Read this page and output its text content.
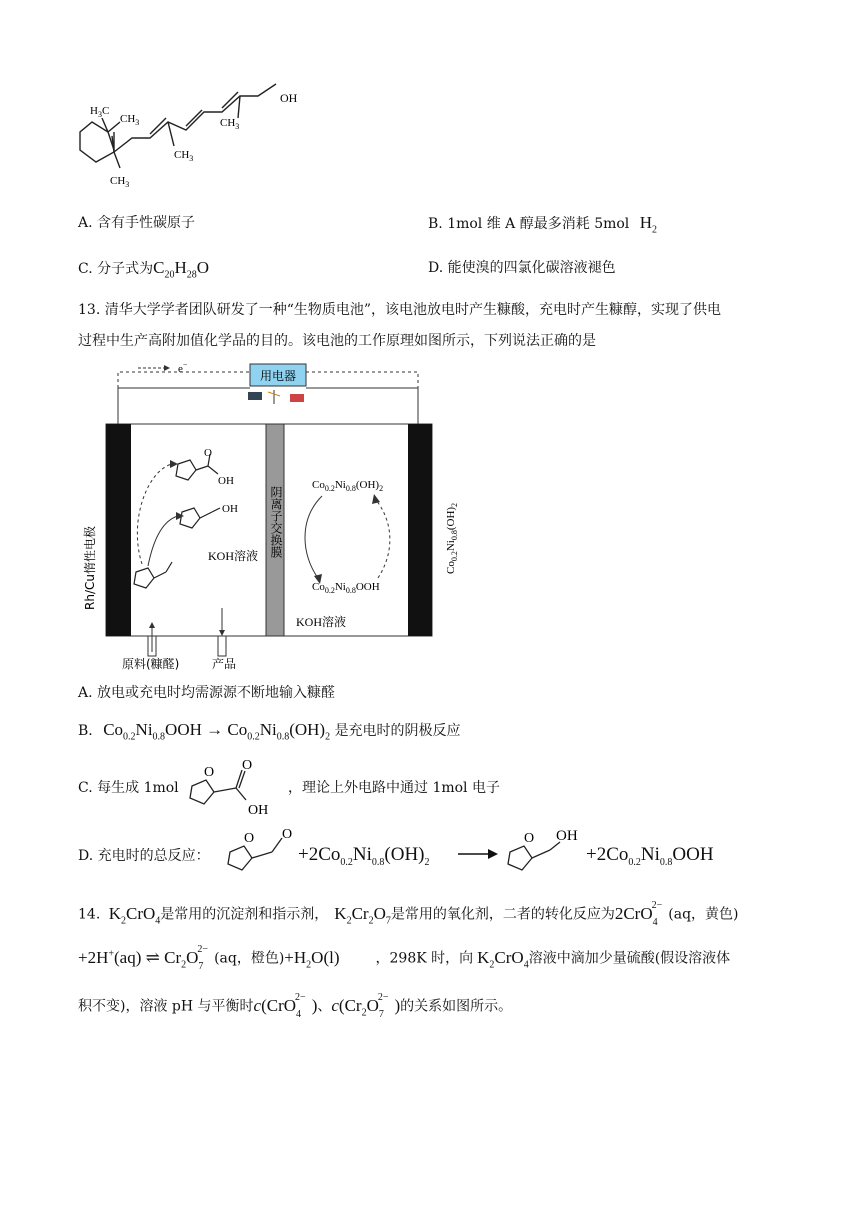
OH
$CH_3$
$CH_3$
$CH_3$
$H_3C$
$CH_3$
A. 含有手性碳原子	B. 1mol 维 A 醇最多消耗 5mol $H_2$
C. 分子式为$C_{20}H_{28}O$	D. 能使溴的四氯化碳溶液褪色
13. 清华大学学者团队研发了一种“生物质电池”，该电池放电时产生糠酸，充电时产生糠醇，实现了供电
过程中生产高附加值化学品的目的。该电池的工作原理如图所示，下列说法正确的是
e−
用电器
阴离子交换膜
Rh/Cu惰性电极	$Co_{0.2}Ni_{0.8}(OH)_2$
O
OH
OH
KOH溶液
$Co_{0.2}Ni_{0.8}(OH)_2$
$Co_{0.2}Ni_{0.8}OOH$
KOH溶液
原料(糠醛)	产品
A. 放电或充电时均需源源不断地输入糠醛
B. $Co_{0.2}Ni_{0.8}OOH \to Co_{0.2}Ni_{0.8}(OH)_2$ 是充电时的阴极反应
C. 每生成 1mol
O O
OH
，理论上外电路中通过 1mol 电子
D. 充电时的总反应：
O O
$+2Co_{0.2}Ni_{0.8}(OH)_2$
O OH
$+2Co_{0.2}Ni_{0.8}OOH$
14. $K_2CrO_4$是常用的沉淀剂和指示剂， $K_2Cr_2O_7$是常用的氧化剂，二者的转化反应为2CrO$_4^{2-}$(aq，黄色)
+2H+(aq) ⇌ $Cr_2O_7^{2-}(aq$，橙色)$+H_2O(l)$	，298K 时，向 $K_2CrO_4$溶液中滴加少量硫酸(假设溶液体
积不变)，溶液 pH 与平衡时c(CrO$_4^{2-}$ )、$c(Cr_2O_7^{2-}$ )的关系如图所示。
